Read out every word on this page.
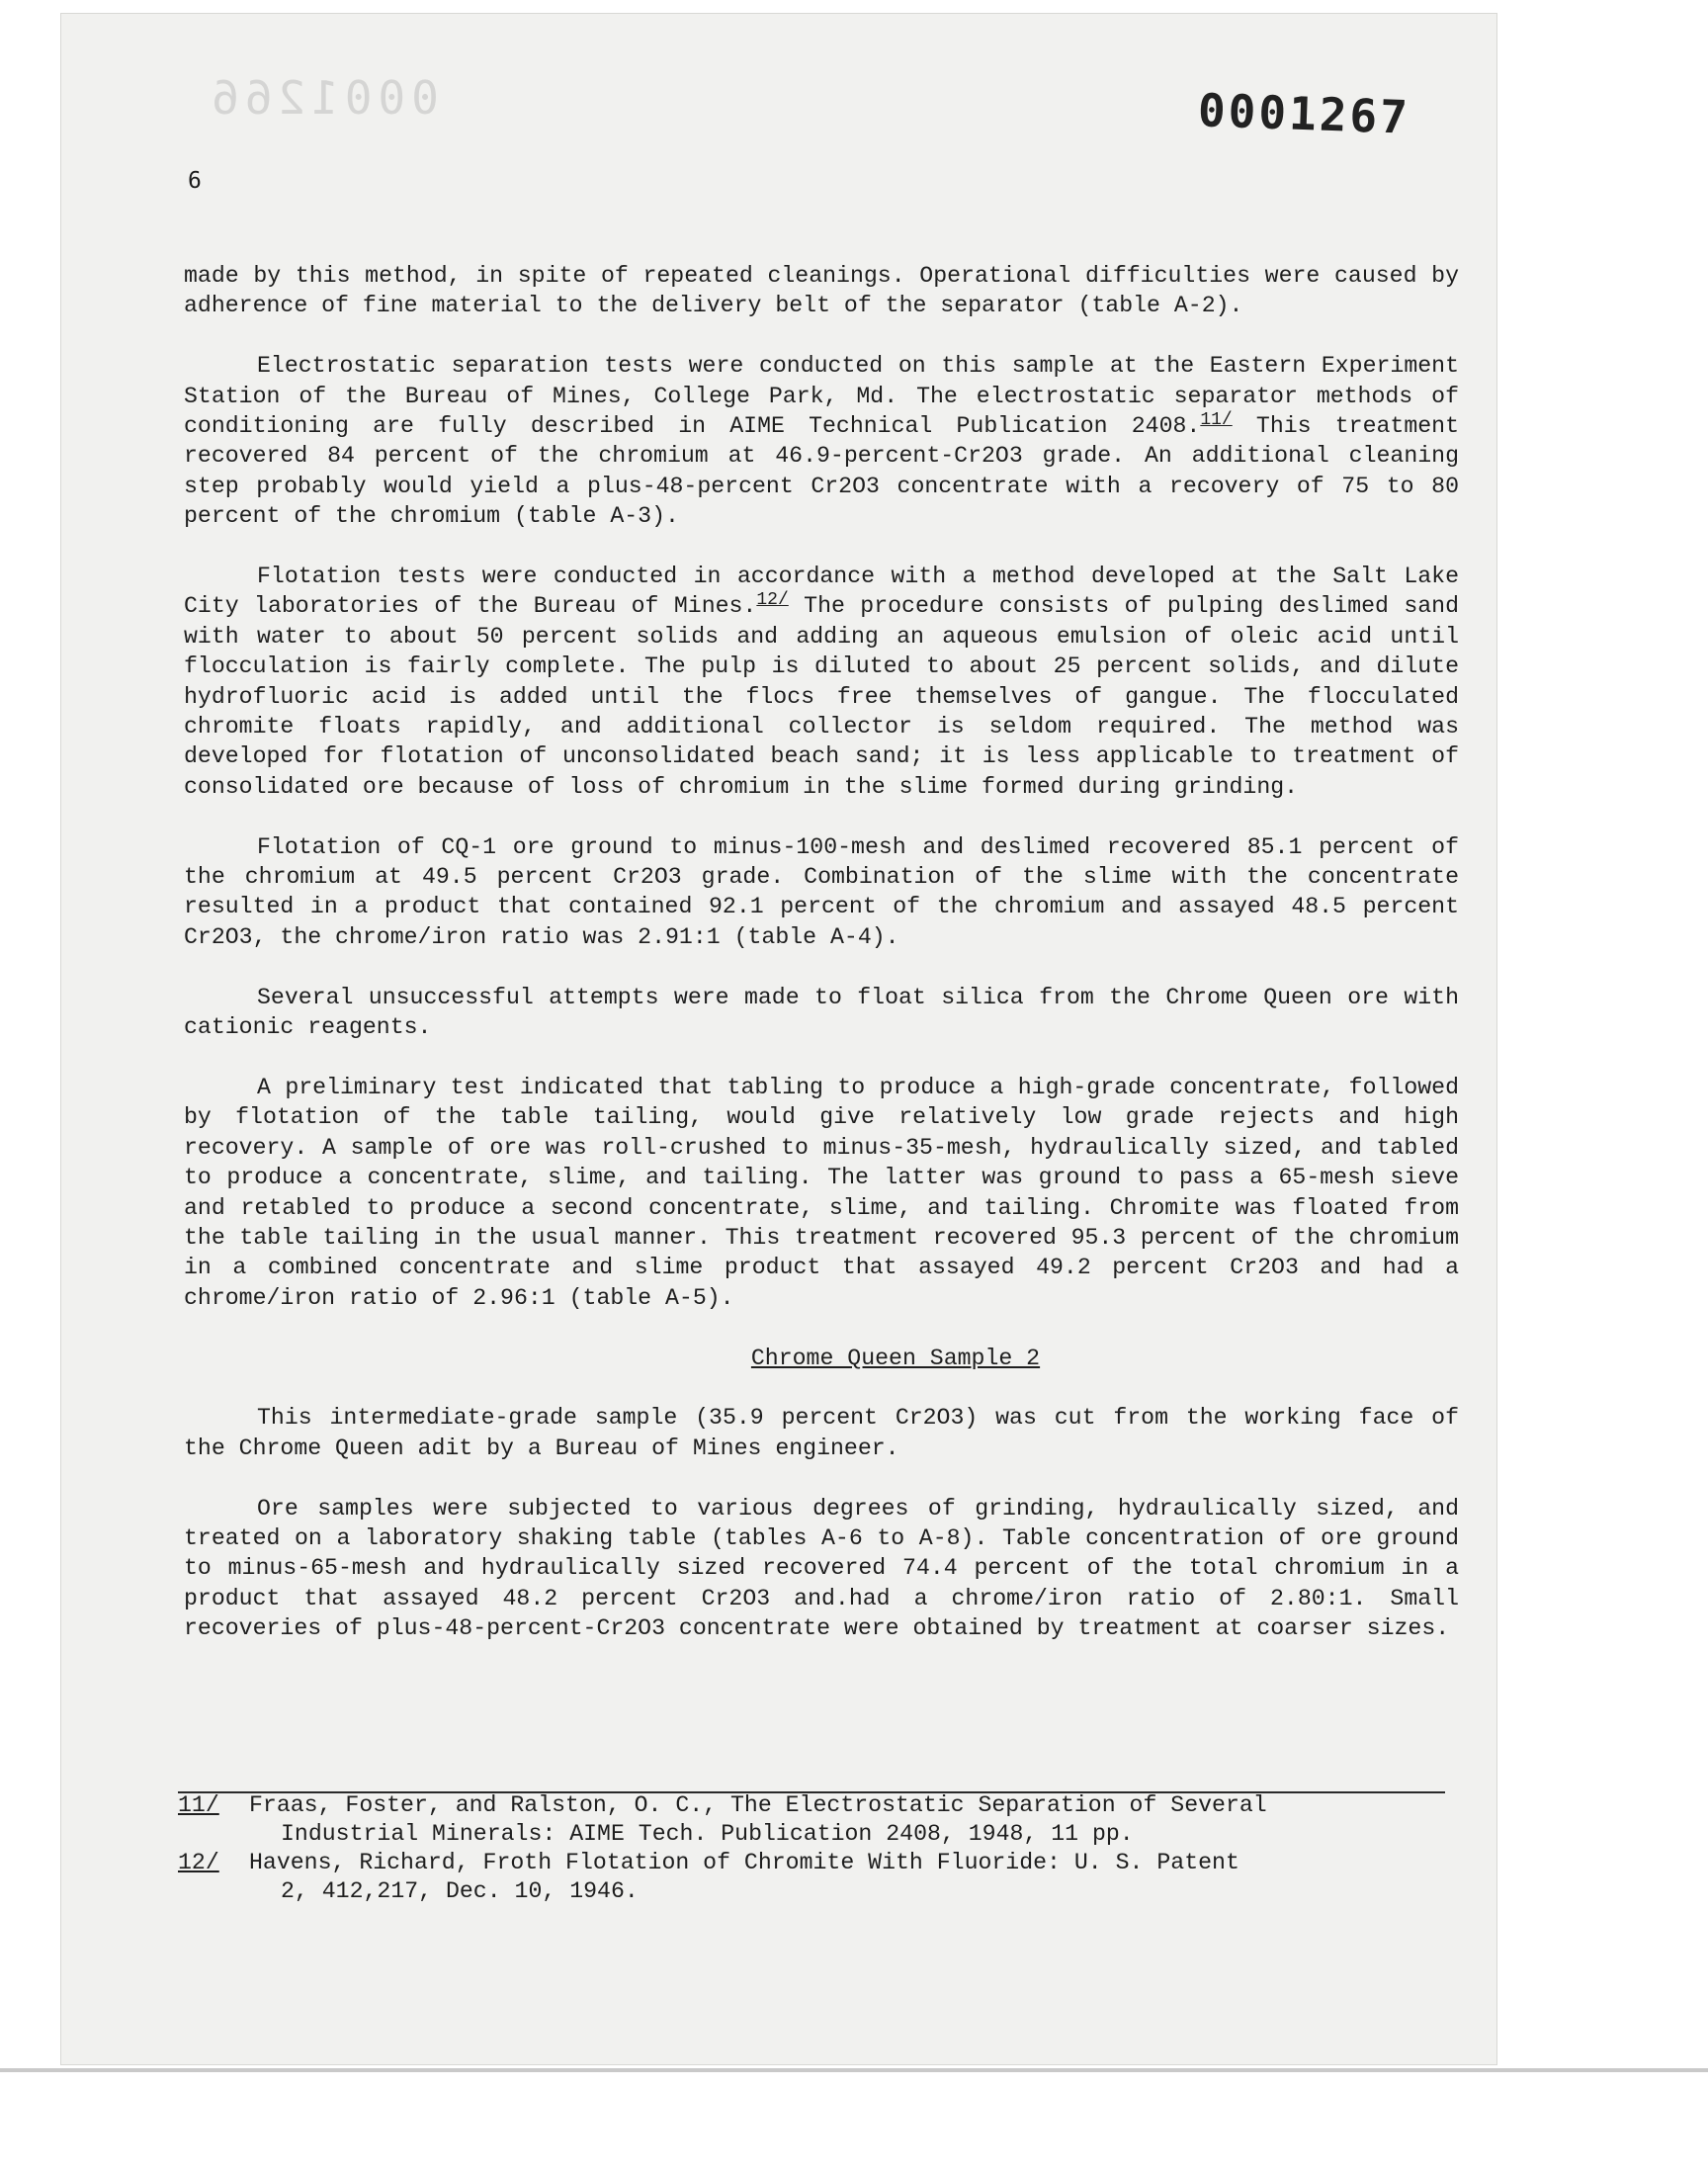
0001266	0001267
6

made by this method, in spite of repeated cleanings. Operational difficulties were caused by adherence of fine material to the delivery belt of the separator (table A-2).

Electrostatic separation tests were conducted on this sample at the Eastern Experiment Station of the Bureau of Mines, College Park, Md. The electrostatic separator methods of conditioning are fully described in AIME Technical Publication 2408.$^{11/}$ This treatment recovered 84 percent of the chromium at 46.9-percent-Cr2O3 grade. An additional cleaning step probably would yield a plus-48-percent Cr2O3 concentrate with a recovery of 75 to 80 percent of the chromium (table A-3).

Flotation tests were conducted in accordance with a method developed at the Salt Lake City laboratories of the Bureau of Mines.$^{12/}$ The procedure consists of pulping deslimed sand with water to about 50 percent solids and adding an aqueous emulsion of oleic acid until flocculation is fairly complete. The pulp is diluted to about 25 percent solids, and dilute hydrofluoric acid is added until the flocs free themselves of gangue. The flocculated chromite floats rapidly, and additional collector is seldom required. The method was developed for flotation of unconsolidated beach sand; it is less applicable to treatment of consolidated ore because of loss of chromium in the slime formed during grinding.

Flotation of CQ-1 ore ground to minus-100-mesh and deslimed recovered 85.1 percent of the chromium at 49.5 percent Cr2O3 grade. Combination of the slime with the concentrate resulted in a product that contained 92.1 percent of the chromium and assayed 48.5 percent Cr2O3, the chrome/iron ratio was 2.91:1 (table A-4).

Several unsuccessful attempts were made to float silica from the Chrome Queen ore with cationic reagents.

A preliminary test indicated that tabling to produce a high-grade concentrate, followed by flotation of the table tailing, would give relatively low grade rejects and high recovery. A sample of ore was roll-crushed to minus-35-mesh, hydraulically sized, and tabled to produce a concentrate, slime, and tailing. The latter was ground to pass a 65-mesh sieve and retabled to produce a second concentrate, slime, and tailing. Chromite was floated from the table tailing in the usual manner. This treatment recovered 95.3 percent of the chromium in a combined concentrate and slime product that assayed 49.2 percent Cr2O3 and had a chrome/iron ratio of 2.96:1 (table A-5).

Chrome Queen Sample 2

This intermediate-grade sample (35.9 percent Cr2O3) was cut from the working face of the Chrome Queen adit by a Bureau of Mines engineer.

Ore samples were subjected to various degrees of grinding, hydraulically sized, and treated on a laboratory shaking table (tables A-6 to A-8). Table concentration of ore ground to minus-65-mesh and hydraulically sized recovered 74.4 percent of the total chromium in a product that assayed 48.2 percent Cr2O3 and.had a chrome/iron ratio of 2.80:1. Small recoveries of plus-48-percent-Cr2O3 concentrate were obtained by treatment at coarser sizes.

11/	Fraas, Foster, and Ralston, O. C., The Electrostatic Separation of Several
Industrial Minerals: AIME Tech. Publication 2408, 1948, 11 pp.
12/	Havens, Richard, Froth Flotation of Chromite With Fluoride: U. S. Patent
2, 412,217, Dec. 10, 1946.
